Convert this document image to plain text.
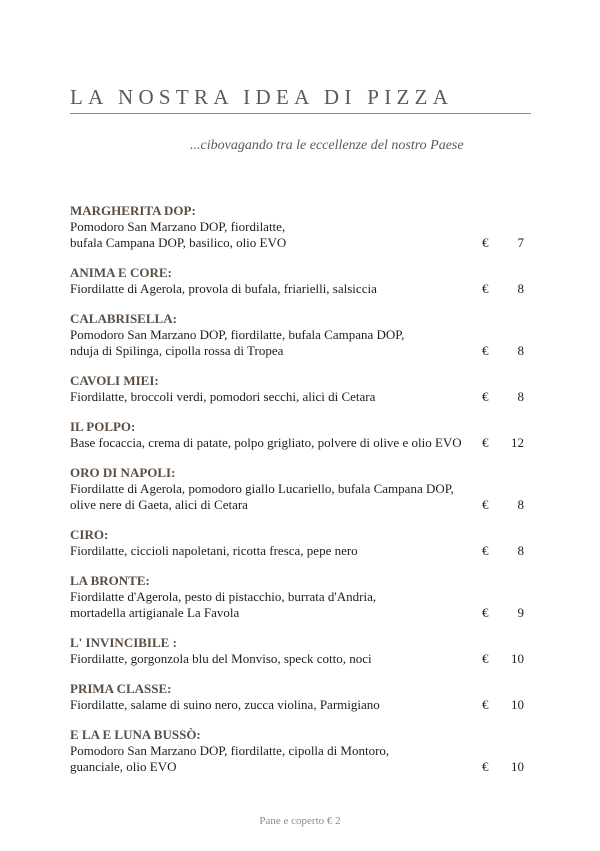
LA NOSTRA IDEA DI PIZZA
...cibovagando tra le eccellenze del nostro Paese
MARGHERITA DOP:
Pomodoro San Marzano DOP, fiordilatte,
bufala Campana DOP, basilico, olio EVO	€ 7
ANIMA E CORE:
Fiordilatte di Agerola, provola di bufala, friarielli, salsiccia	€ 8
CALABRISELLA:
Pomodoro San Marzano DOP, fiordilatte, bufala Campana DOP,
nduja di Spilinga, cipolla rossa di Tropea	€ 8
CAVOLI MIEI:
Fiordilatte, broccoli verdi, pomodori secchi, alici di Cetara	€ 8
IL POLPO:
Base focaccia, crema di patate, polpo grigliato, polvere di olive e olio EVO	€ 12
ORO DI NAPOLI:
Fiordilatte di Agerola, pomodoro giallo Lucariello, bufala Campana DOP,
olive nere di Gaeta, alici di Cetara	€ 8
CIRO:
Fiordilatte, cicciolі napoletani, ricotta fresca, pepe nero	€ 8
LA BRONTE:
Fiordilatte d'Agerola, pesto di pistacchio, burrata d'Andria,
mortadella artigianale La Favola	€ 9
L' INVINCIBILE :
Fiordilatte, gorgonzola blu del Monviso, speck cotto, noci	€ 10
PRIMA CLASSE:
Fiordilatte, salame di suino nero, zucca violina, Parmigiano	€ 10
E LA E LUNA BUSSÒ:
Pomodoro San Marzano DOP, fiordilatte, cipolla di Montoro,
guanciale, olio EVO	€ 10
Pane e coperto € 2
